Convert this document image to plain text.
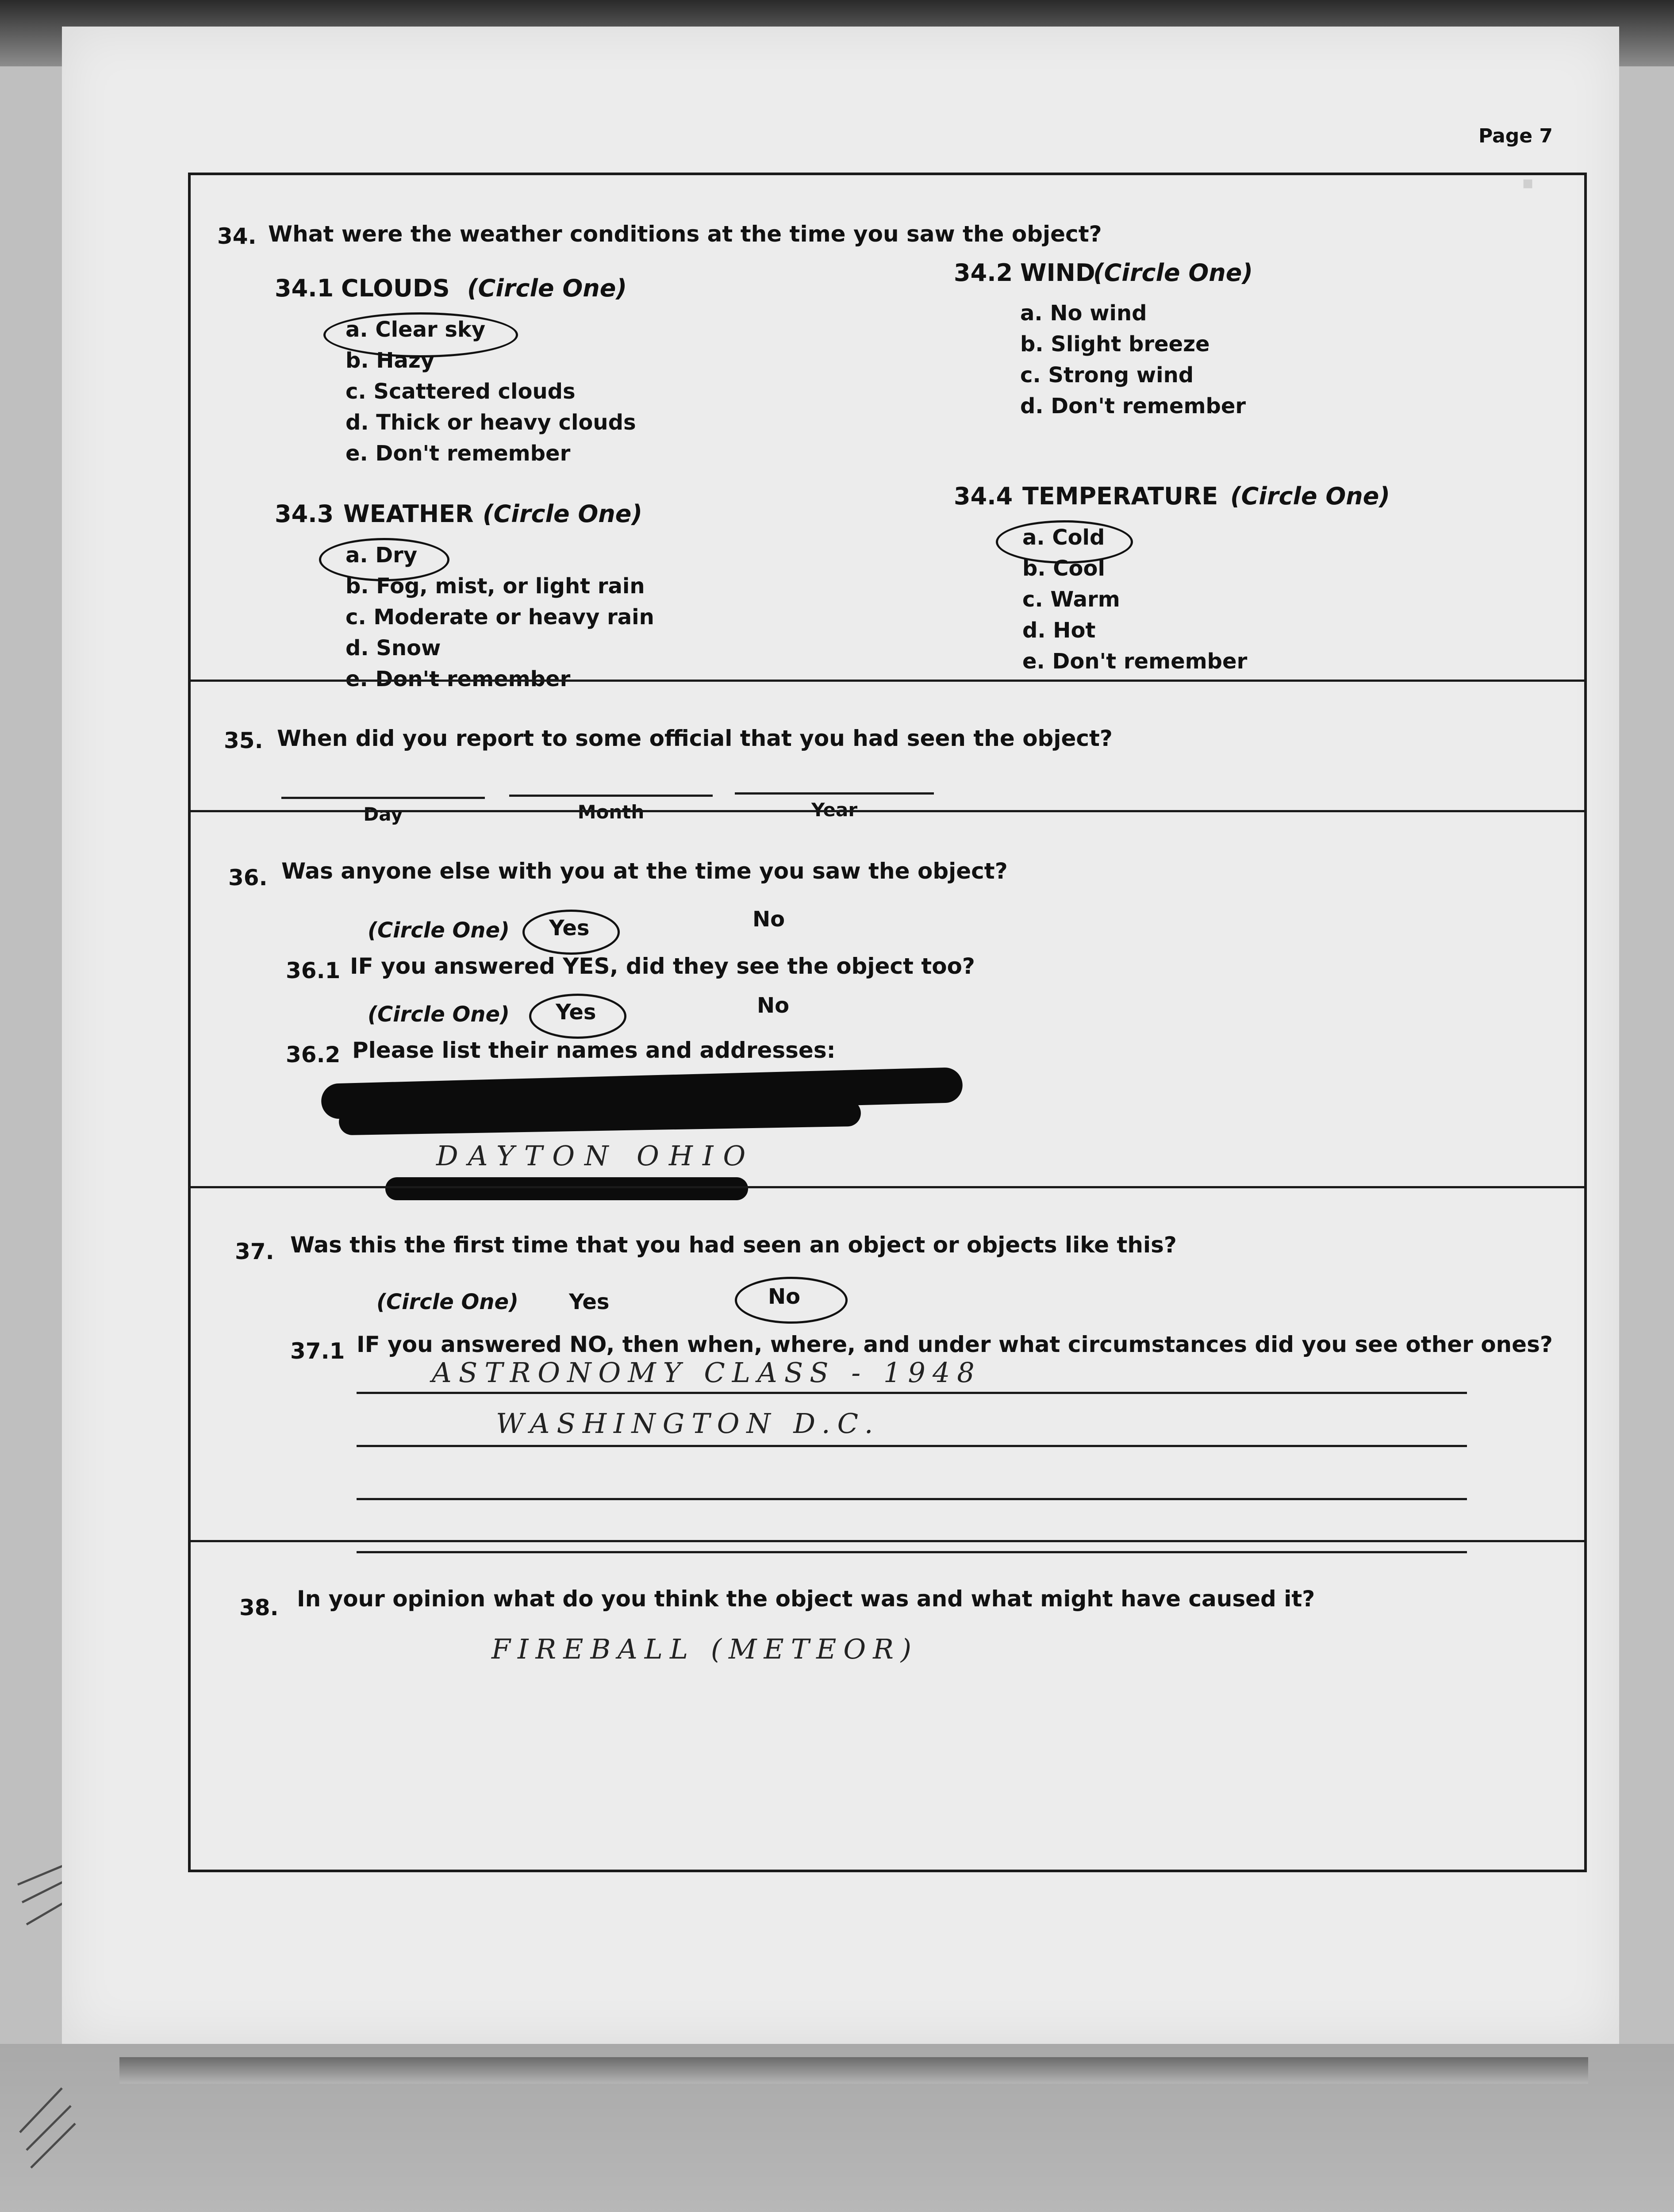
▪
Page 7
34. What were the weather conditions at the time you saw the object?
34.1 CLOUDS (Circle One)
a. Clear sky
b. Hazy
c. Scattered clouds
d. Thick or heavy clouds
e. Don't remember
34.2 WIND
(Circle One)
a. No wind
b. Slight breeze
c. Strong wind
d. Don't remember
34.3 WEATHER (Circle One)
a. Dry
b. Fog, mist, or light rain
c. Moderate or heavy rain
d. Snow
e. Don't remember
34.4 TEMPERATURE (Circle One)
a. Cold
b. Cool
c. Warm
d. Hot
e. Don't remember
35. When did you report to some official that you had seen the object?
Day	Month	Year
36. Was anyone else with you at the time you saw the object?
(Circle One) Yes	No
36.1 IF you answered YES, did they see the object too?
(Circle One) Yes	No
36.2 Please list their names and addresses:
DAYTON OHIO
37. Was this the first time that you had seen an object or objects like this?
(Circle One) Yes	No
37.1 IF you answered NO, then when, where, and under what circumstances did you see other ones?
ASTRONOMY CLASS - 1948
WASHINGTON D.C.
38. In your opinion what do you think the object was and what might have caused it?
FIREBALL (METEOR)
